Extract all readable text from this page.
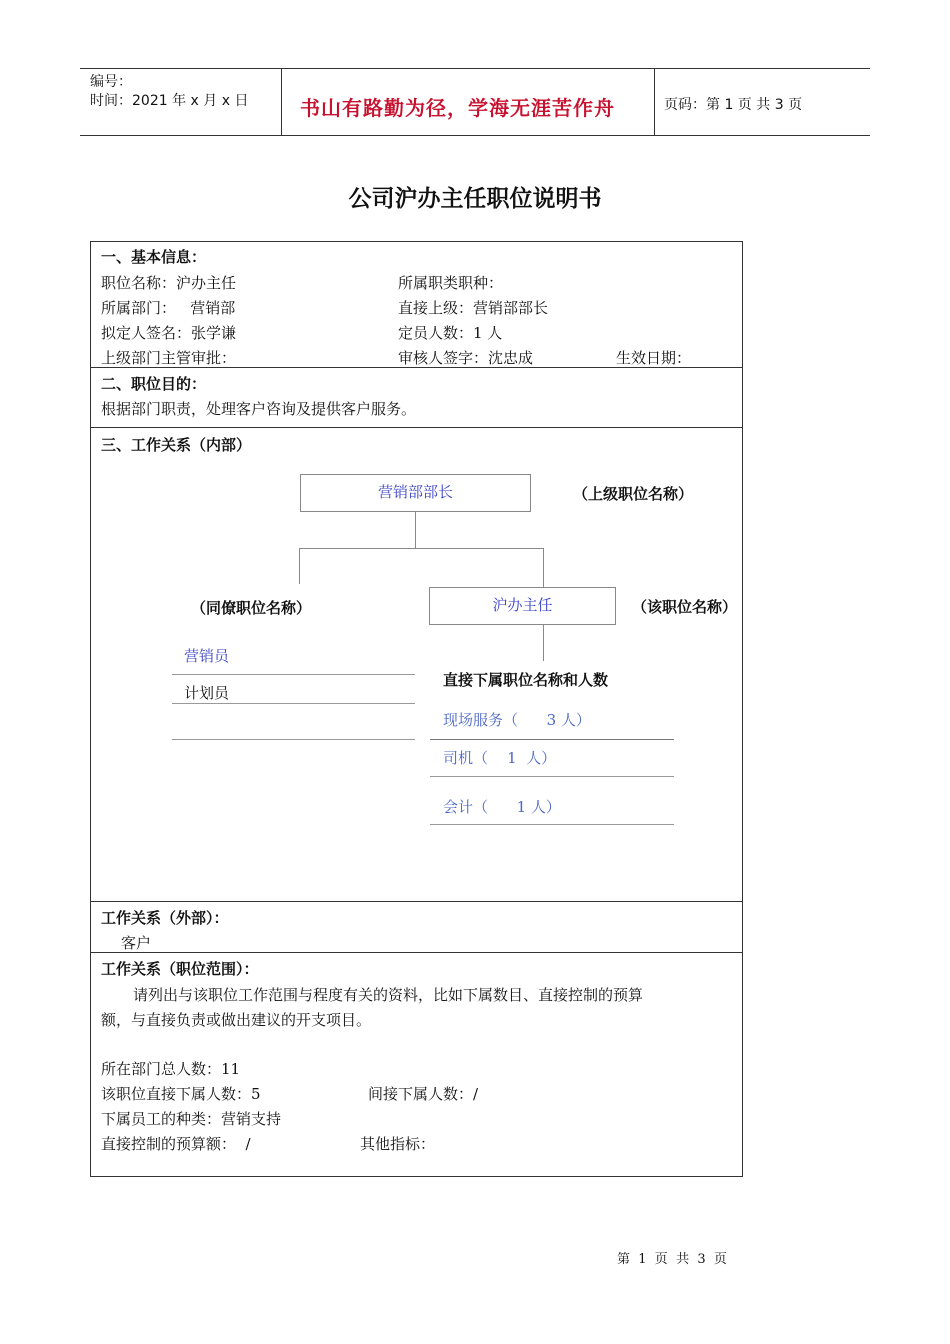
编号：
时间：2021 年 x 月 x 日	书山有路勤为径，学海无涯苦作舟	页码：第 1 页 共 3 页
公司沪办主任职位说明书
一、基本信息：
职位名称：沪办主任	所属职类职种：
所属部门：   营销部	直接上级：营销部部长
拟定人签名：张学谦	定员人数：1 人
上级部门主管审批：	审核人签字：沈忠成	生效日期：
二、职位目的：
根据部门职责，处理客户咨询及提供客户服务。
三、工作关系（内部）
营销部部长	（上级职位名称）
（同僚职位名称）	沪办主任	（该职位名称）
营销员
计划员
直接下属职位名称和人数
现场服务（      3 人）
司机（    1  人）
会计（      1 人）
工作关系（外部）：
客户
工作关系（职位范围）：
请列出与该职位工作范围与程度有关的资料，比如下属数目、直接控制的预算
额，与直接负责或做出建议的开支项目。
所在部门总人数：11
该职位直接下属人数：5	间接下属人数：/
下属员工的种类：营销支持
直接控制的预算额：  /	其他指标：
第  1  页  共  3  页
